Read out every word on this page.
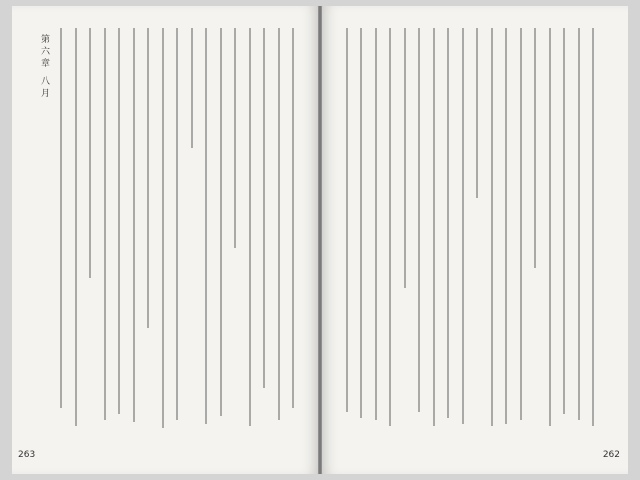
第六章 八月
263	262
